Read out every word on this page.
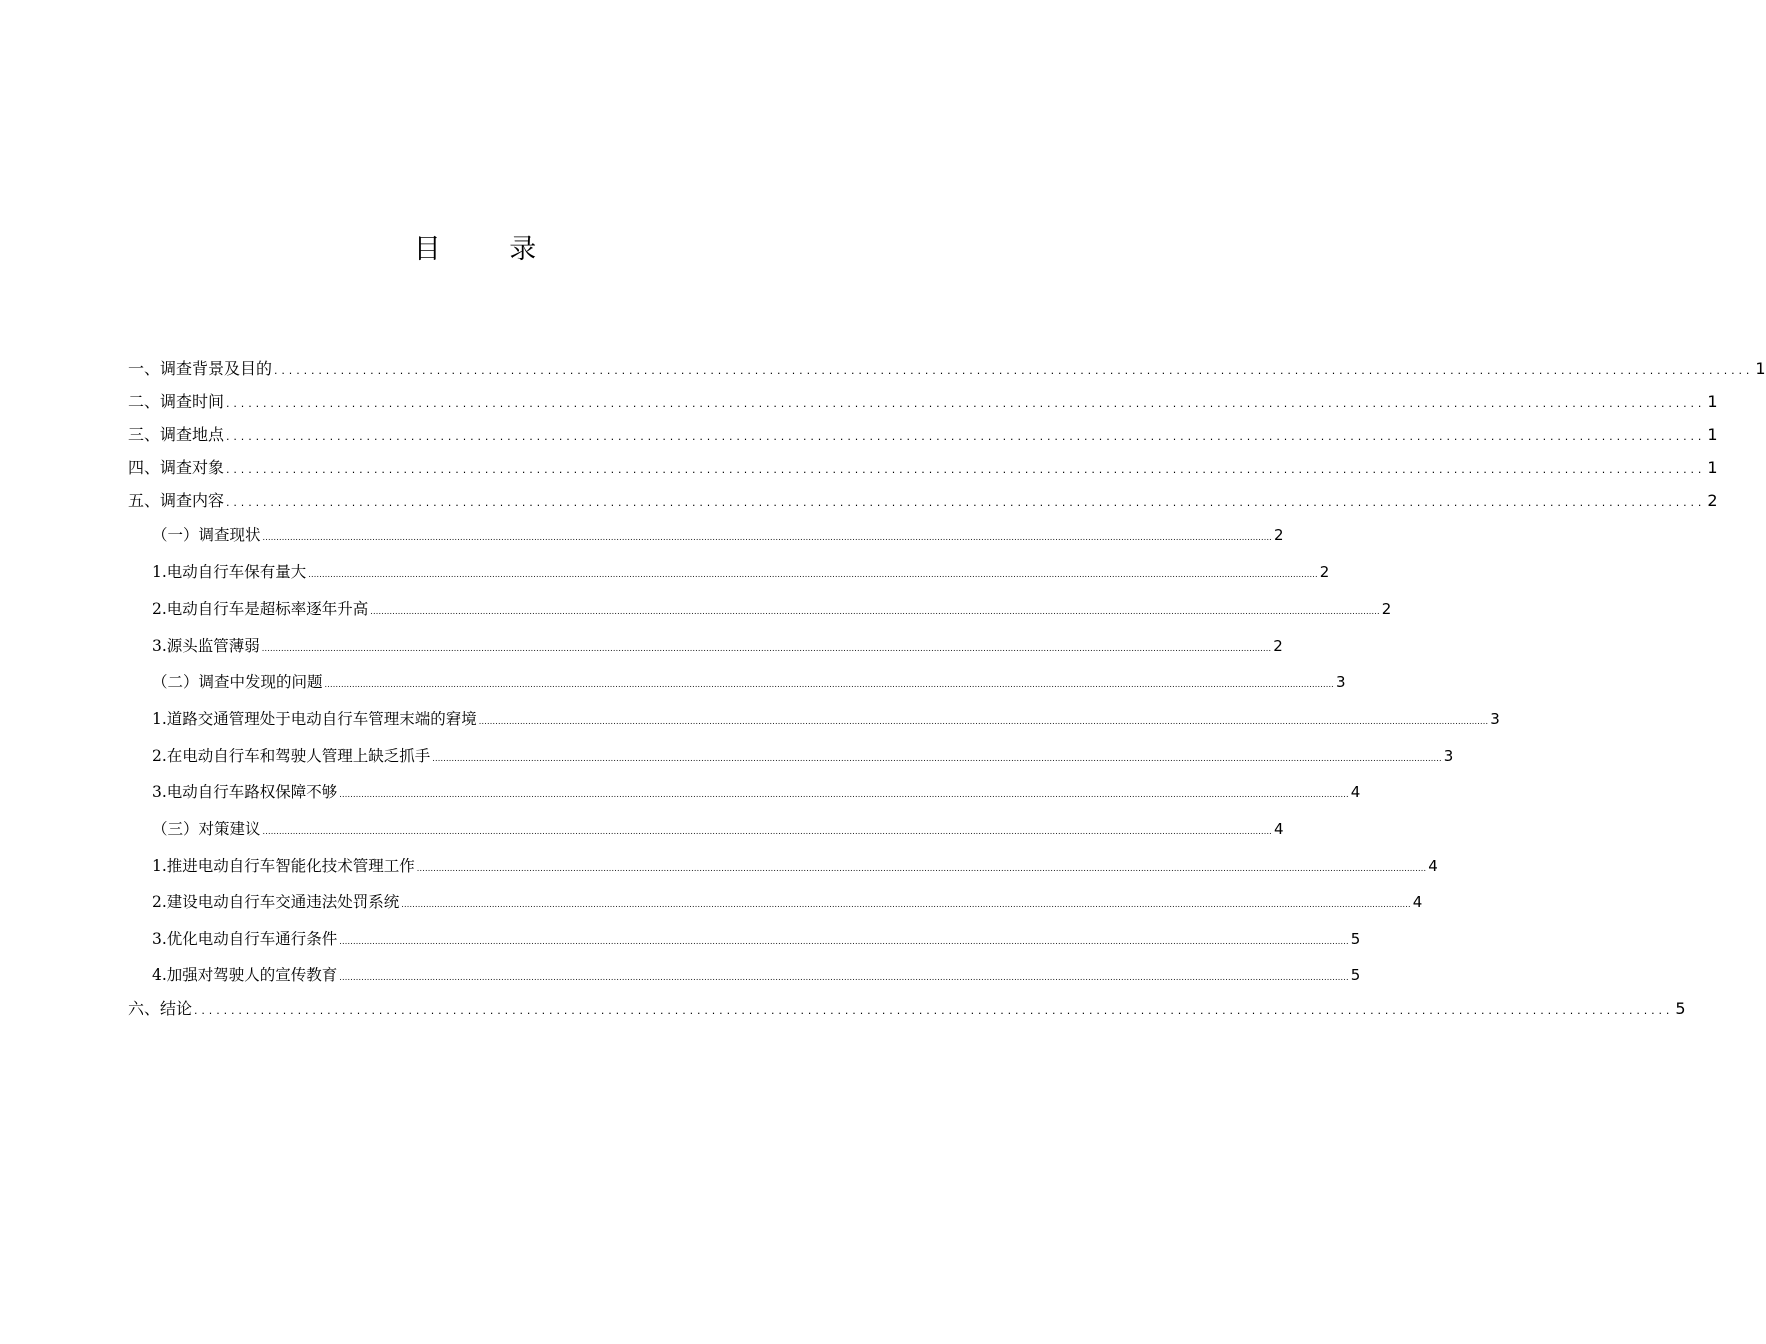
目 录
一、调查背景及目的 ........................................................................................................................................................................................................ 1
二、调查时间 ........................................................................................................................................................................................................ 1
三、调查地点 ........................................................................................................................................................................................................ 1
四、调查对象 ........................................................................................................................................................................................................ 1
五、调查内容 ........................................................................................................................................................................................................ 2
（一）调查现状 ................................................................................................................................................................................................................................................................................................................................................................................ 2
1.电动自行车保有量大 ................................................................................................................................................................................................................................................................................................................................................................................ 2
2.电动自行车是超标率逐年升高 ................................................................................................................................................................................................................................................................................................................................................................................ 2
3.源头监管薄弱 ................................................................................................................................................................................................................................................................................................................................................................................ 2
（二）调查中发现的问题 ................................................................................................................................................................................................................................................................................................................................................................................ 3
1.道路交通管理处于电动自行车管理末端的窘境 ................................................................................................................................................................................................................................................................................................................................................................................ 3
2.在电动自行车和驾驶人管理上缺乏抓手 ................................................................................................................................................................................................................................................................................................................................................................................ 3
3.电动自行车路权保障不够 ................................................................................................................................................................................................................................................................................................................................................................................ 4
（三）对策建议 ................................................................................................................................................................................................................................................................................................................................................................................ 4
1.推进电动自行车智能化技术管理工作 ................................................................................................................................................................................................................................................................................................................................................................................ 4
2.建设电动自行车交通违法处罚系统 ................................................................................................................................................................................................................................................................................................................................................................................ 4
3.优化电动自行车通行条件 ................................................................................................................................................................................................................................................................................................................................................................................ 5
4.加强对驾驶人的宣传教育 ................................................................................................................................................................................................................................................................................................................................................................................ 5
六、结论 ........................................................................................................................................................................................................ 5
